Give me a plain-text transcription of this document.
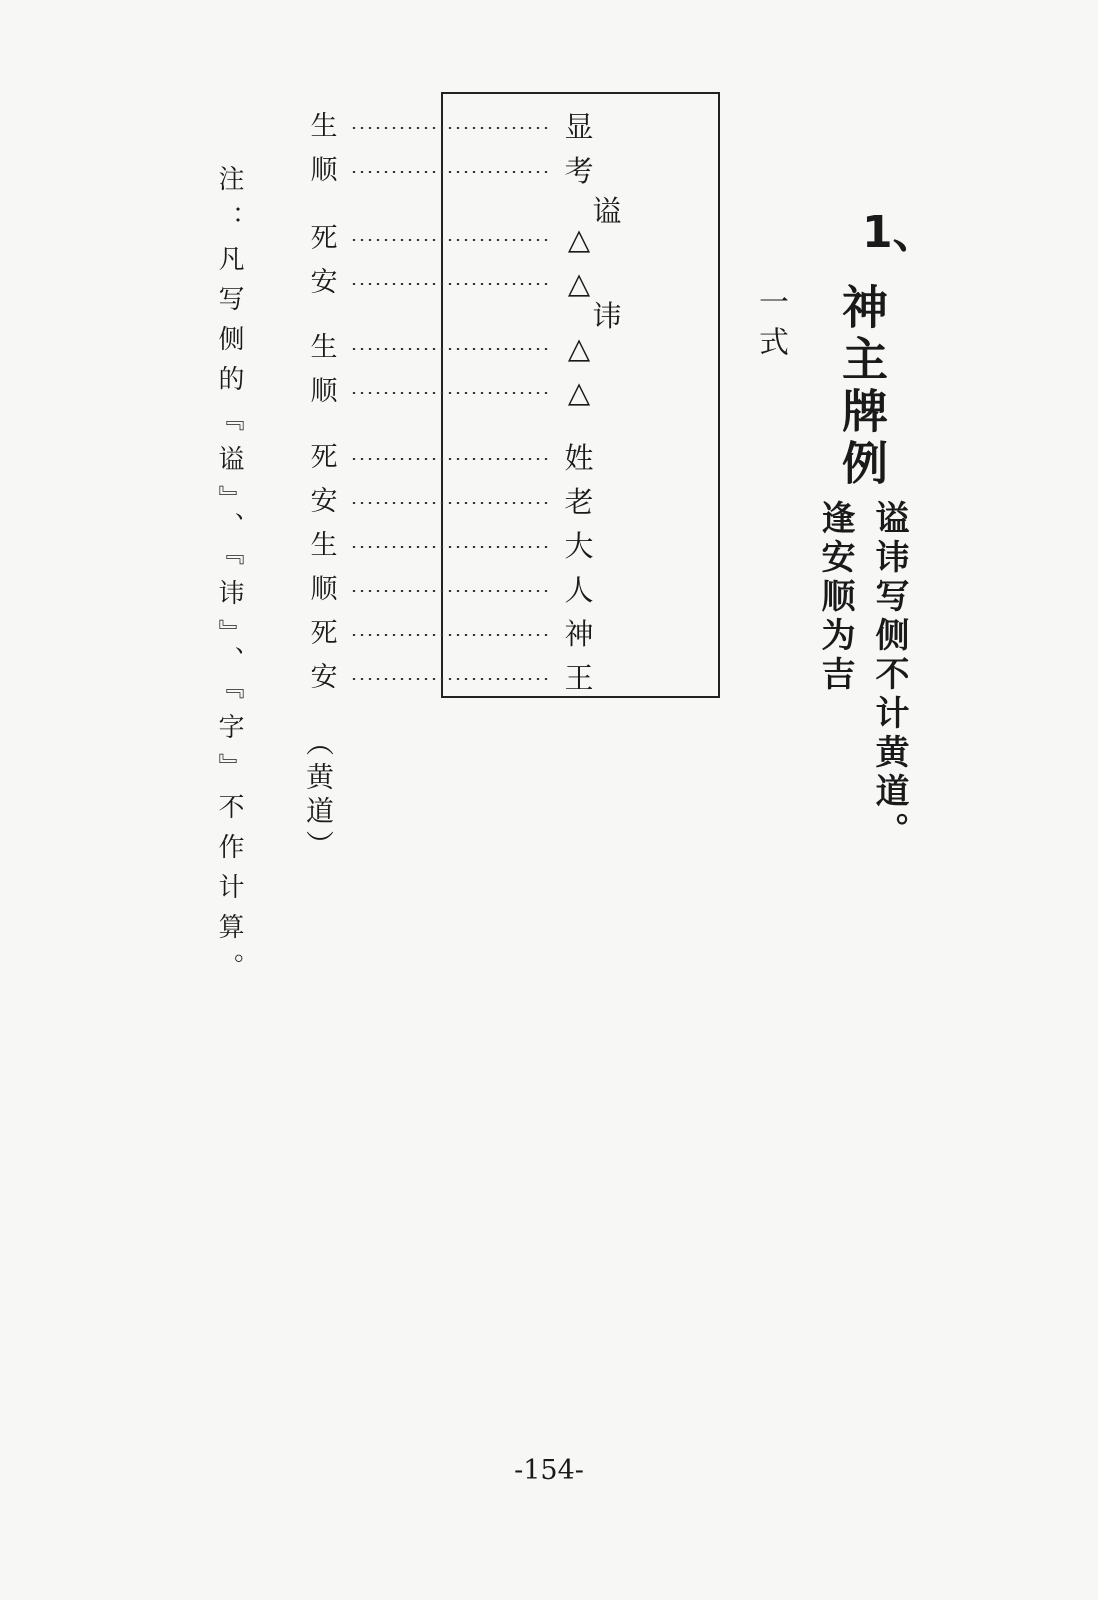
1、
神主牌例
谥讳写侧不计黄道。
逢安顺为吉
一式
显
考
谥
△
△
讳
△
△
姓
老
大
人
神
王
生
顺
死
安
生
顺
死
安
生
顺
死
安
（黄道）
注：凡写侧的『谥』、『讳』、『字』不作计算。
-154-
